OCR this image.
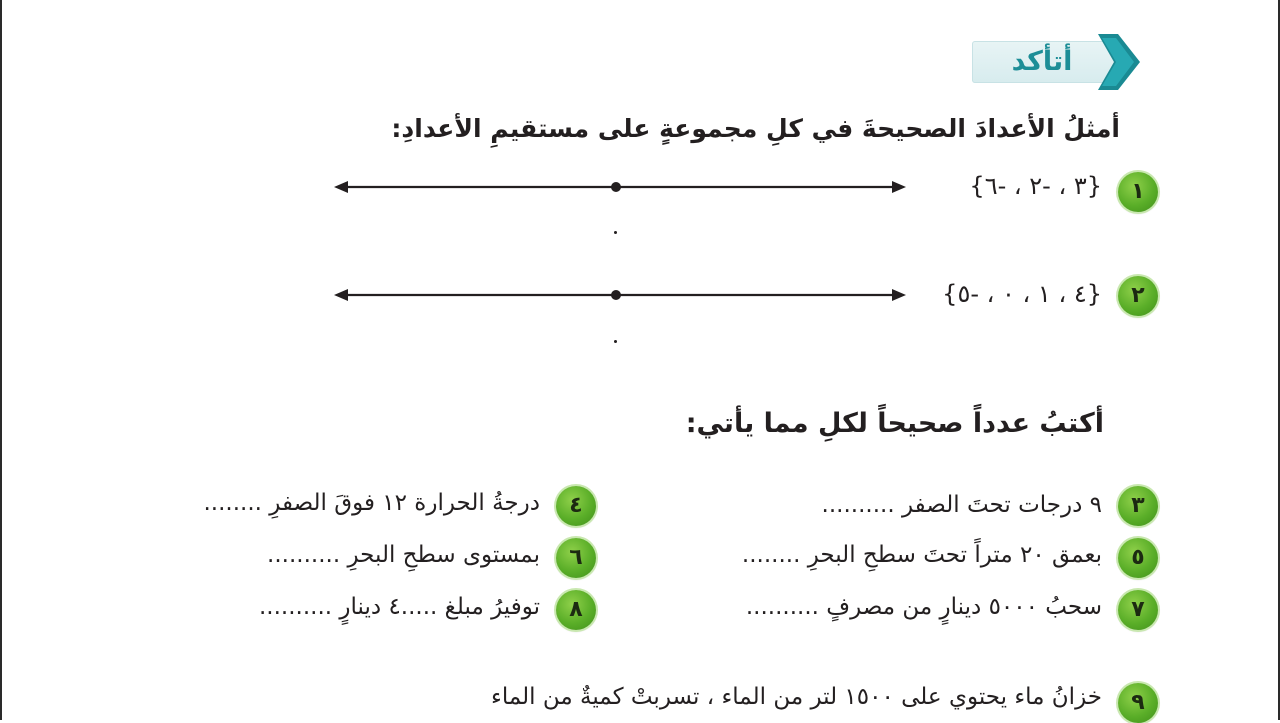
أتأكد
أمثلُ الأعدادَ الصحيحةَ في كلِ مجموعةٍ على مستقيمِ الأعدادِ:
١
{٣ ، -٢ ، -٦}
٢
{٤ ، ١ ، ٠ ، -٥}
أكتبُ عدداً صحيحاً لكلِ مما يأتي:
٣
٩ درجات تحتَ الصفر ..........
٤
درجةُ الحرارة ١٢ فوقَ الصفرِ ........
٥
بعمق ٢٠ متراً تحتَ سطحِ البحرِ ........
٦
بمستوى سطحِ البحرِ ..........
٧
سحبُ ٥٠٠٠ دينارٍ من مصرفٍ ..........
٨
توفيرُ مبلغ .....٤ دينارٍ ..........
٩
خزانُ ماء يحتوي على ١٥٠٠ لتر من الماء ، تسربتْ كميةٌ من الماء
